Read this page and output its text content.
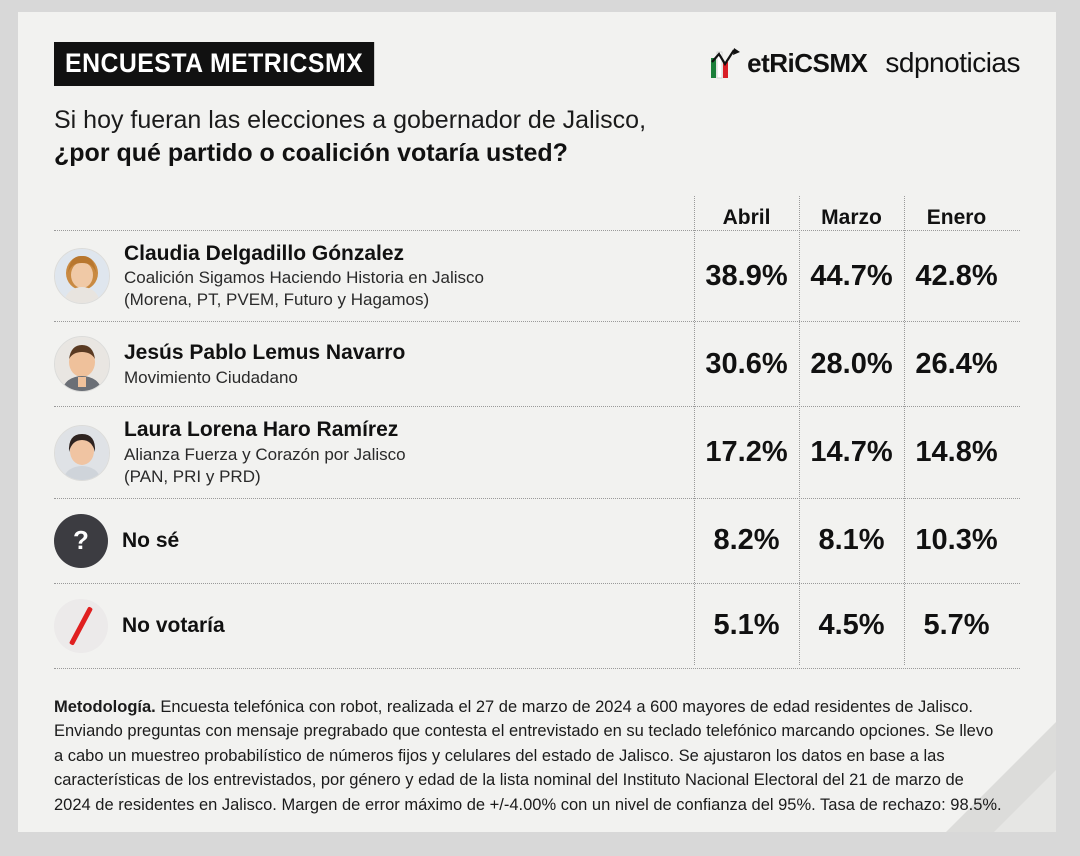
ENCUESTA METRICSMX	etRiCSMX sdpnoticias
Si hoy fueran las elecciones a gobernador de Jalisco,
¿por qué partido o coalición votaría usted?
Abril	Marzo	Enero
Claudia Delgadillo Gónzalez
Coalición Sigamos Haciendo Historia en Jalisco
(Morena, PT, PVEM, Futuro y Hagamos)
38.9% 44.7% 42.8%
Jesús Pablo Lemus Navarro
Movimiento Ciudadano	30.6% 28.0% 26.4%
Laura Lorena Haro Ramírez
Alianza Fuerza y Corazón por Jalisco
(PAN, PRI y PRD)
17.2% 14.7% 14.8%
?	No sé	8.2%	8.1%	10.3%
No votaría	5.1%	4.5%	5.7%
Metodología. Encuesta telefónica con robot, realizada el 27 de marzo de 2024 a 600 mayores de edad residentes de Jalisco. Enviando preguntas con mensaje pregrabado que contesta el entrevistado en su teclado telefónico marcando opciones. Se llevo a cabo un muestreo probabilístico de números fijos y celulares del estado de Jalisco. Se ajustaron los datos en base a las características de los entrevistados, por género y edad de la lista nominal del Instituto Nacional Electoral del 21 de marzo de 2024 de residentes en Jalisco. Margen de error máximo de +/-4.00% con un nivel de confianza del 95%. Tasa de rechazo: 98.5%.
